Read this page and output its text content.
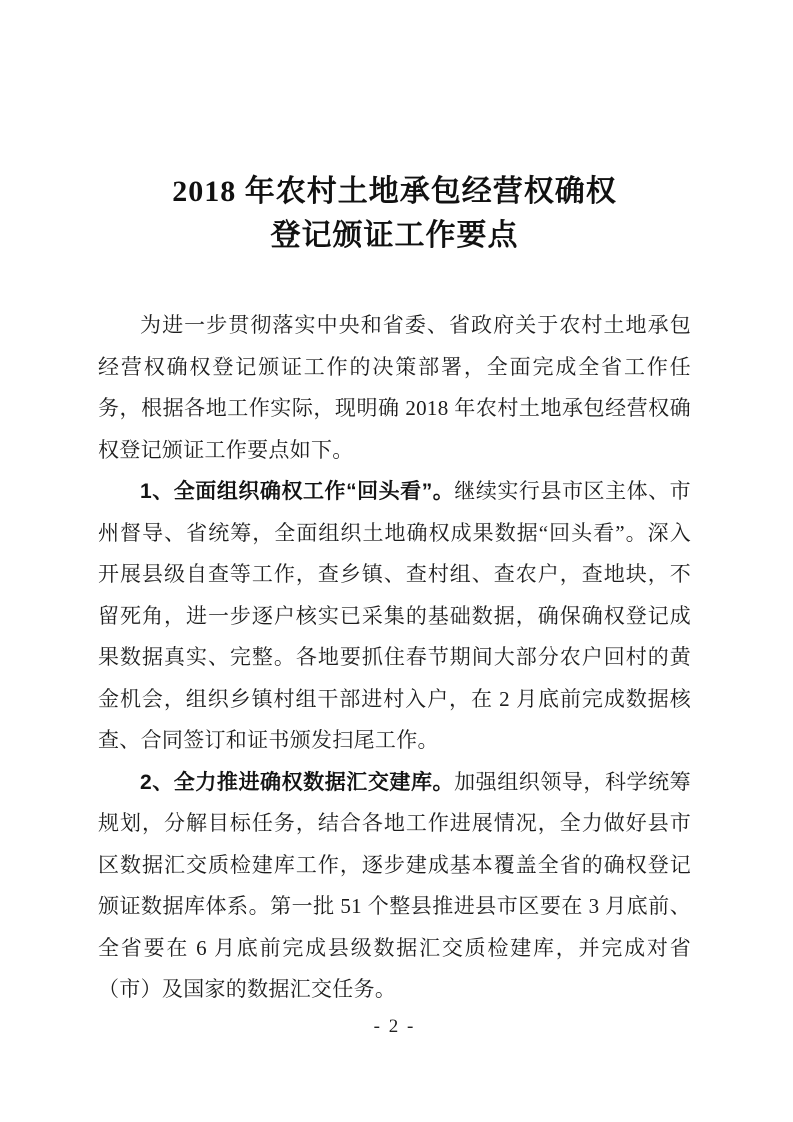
2018 年农村土地承包经营权确权
登记颁证工作要点

为进一步贯彻落实中央和省委、省政府关于农村土地承包经营权确权登记颁证工作的决策部署，全面完成全省工作任务，根据各地工作实际，现明确 2018 年农村土地承包经营权确权登记颁证工作要点如下。

1、全面组织确权工作“回头看”。继续实行县市区主体、市州督导、省统筹，全面组织土地确权成果数据“回头看”。深入开展县级自查等工作，查乡镇、查村组、查农户，查地块，不留死角，进一步逐户核实已采集的基础数据，确保确权登记成果数据真实、完整。各地要抓住春节期间大部分农户回村的黄金机会，组织乡镇村组干部进村入户，在 2 月底前完成数据核查、合同签订和证书颁发扫尾工作。

2、全力推进确权数据汇交建库。加强组织领导，科学统筹规划，分解目标任务，结合各地工作进展情况，全力做好县市区数据汇交质检建库工作，逐步建成基本覆盖全省的确权登记颁证数据库体系。第一批 51 个整县推进县市区要在 3 月底前、全省要在 6 月底前完成县级数据汇交质检建库，并完成对省（市）及国家的数据汇交任务。

- 2 -
